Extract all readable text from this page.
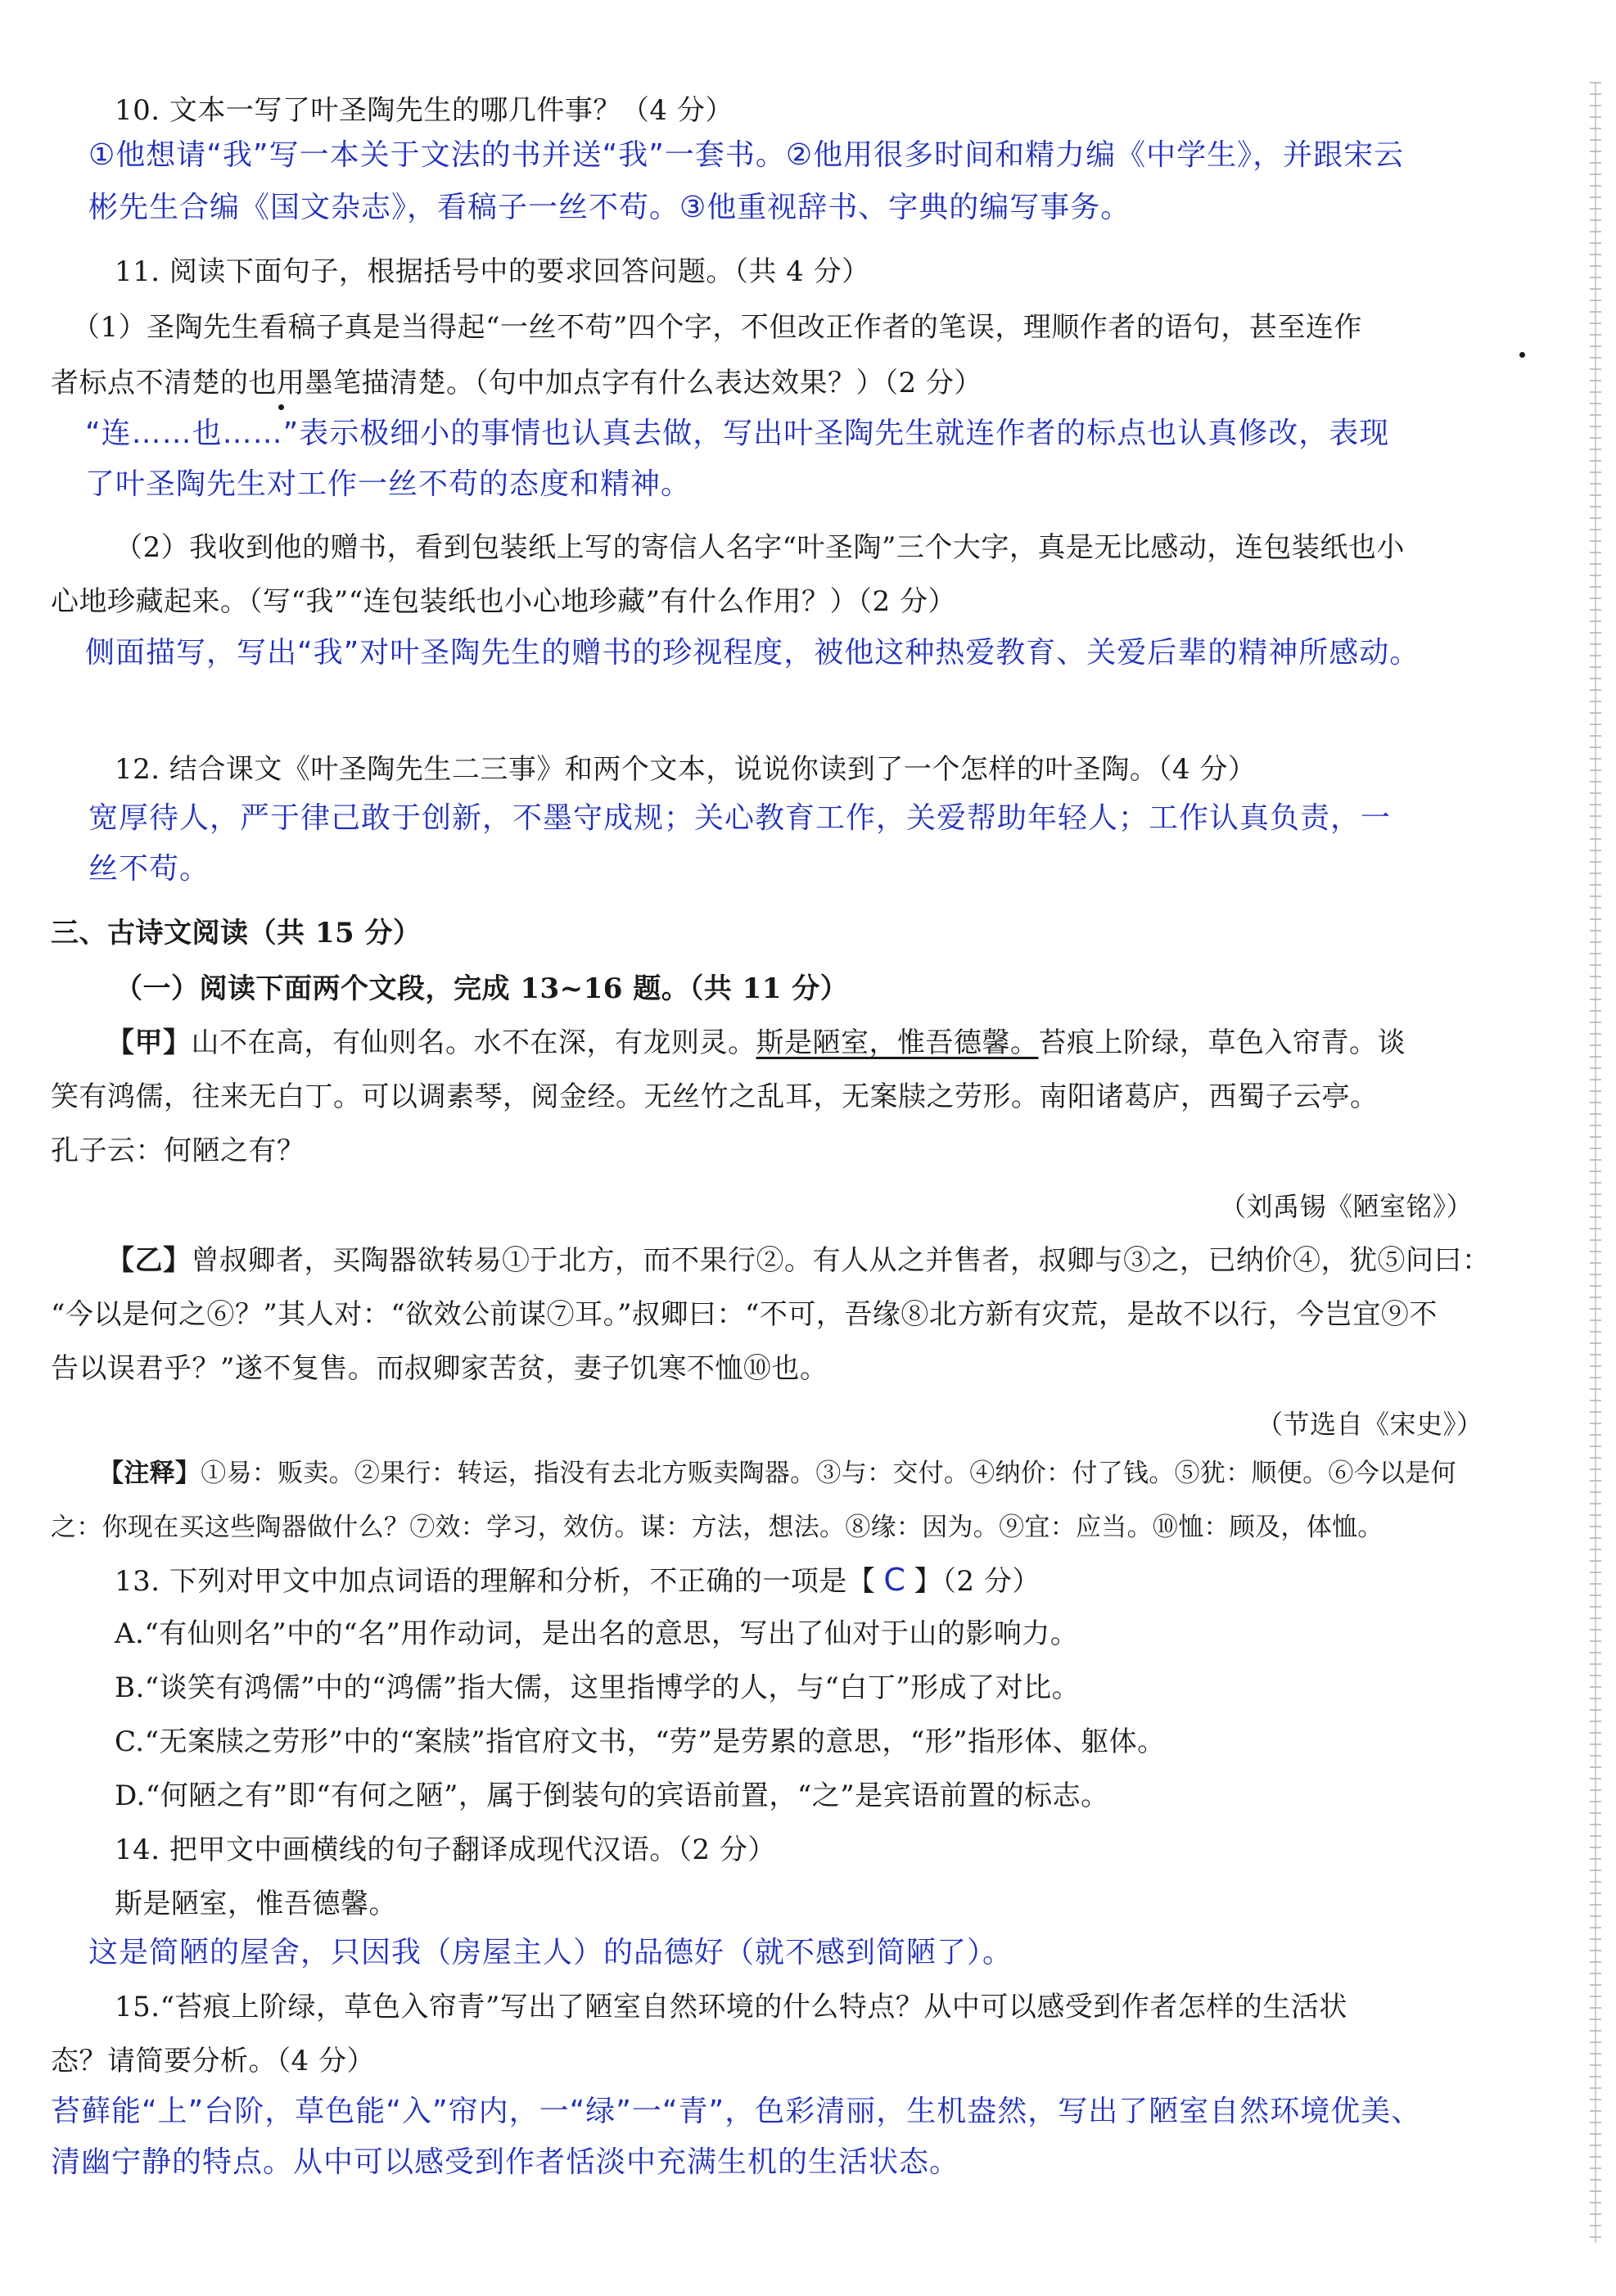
10. 文本一写了叶圣陶先生的哪几件事？（4 分）
①他想请“我”写一本关于文法的书并送“我”一套书。②他用很多时间和精力编《中学生》，并跟宋云
彬先生合编《国文杂志》，看稿子一丝不苟。③他重视辞书、字典的编写事务。
11. 阅读下面句子，根据括号中的要求回答问题。（共 4 分）
（1）圣陶先生看稿子真是当得起“一丝不苟”四个字，不但改正作者的笔误，理顺作者的语句，甚至连作
者标点不清楚的也用墨笔描清楚。（句中加点字有什么表达效果？）（2 分）
“连……也……”表示极细小的事情也认真去做，写出叶圣陶先生就连作者的标点也认真修改，表现
了叶圣陶先生对工作一丝不苟的态度和精神。
（2）我收到他的赠书，看到包装纸上写的寄信人名字“叶圣陶”三个大字，真是无比感动，连包装纸也小
心地珍藏起来。（写“我”“连包装纸也小心地珍藏”有什么作用？）（2 分）
侧面描写，写出“我”对叶圣陶先生的赠书的珍视程度，被他这种热爱教育、关爱后辈的精神所感动。
12. 结合课文《叶圣陶先生二三事》和两个文本，说说你读到了一个怎样的叶圣陶。（4 分）
宽厚待人，严于律己敢于创新，不墨守成规；关心教育工作，关爱帮助年轻人；工作认真负责，一
丝不苟。
三、古诗文阅读（共 15 分）
（一）阅读下面两个文段，完成 13~16 题。（共 11 分）
【甲】山不在高，有仙则名。水不在深，有龙则灵。斯是陋室，惟吾德馨。苔痕上阶绿，草色入帘青。谈
笑有鸿儒，往来无白丁。可以调素琴，阅金经。无丝竹之乱耳，无案牍之劳形。南阳诸葛庐，西蜀子云亭。
孔子云：何陋之有？
（刘禹锡《陋室铭》）
【乙】曾叔卿者，买陶器欲转易①于北方，而不果行②。有人从之并售者，叔卿与③之，已纳价④，犹⑤问曰：
“今以是何之⑥？”其人对：“欲效公前谋⑦耳。”叔卿曰：“不可，吾缘⑧北方新有灾荒，是故不以行，今岂宜⑨不
告以误君乎？”遂不复售。而叔卿家苦贫，妻子饥寒不恤⑩也。
（节选自《宋史》）
【注释】①易：贩卖。②果行：转运，指没有去北方贩卖陶器。③与：交付。④纳价：付了钱。⑤犹：顺便。⑥今以是何
之：你现在买这些陶器做什么？⑦效：学习，效仿。谋：方法，想法。⑧缘：因为。⑨宜：应当。⑩恤：顾及，体恤。
13. 下列对甲文中加点词语的理解和分析，不正确的一项是【 C 】（2 分）
A.“有仙则名”中的“名”用作动词，是出名的意思，写出了仙对于山的影响力。
B.“谈笑有鸿儒”中的“鸿儒”指大儒，这里指博学的人，与“白丁”形成了对比。
C.“无案牍之劳形”中的“案牍”指官府文书，“劳”是劳累的意思，“形”指形体、躯体。
D.“何陋之有”即“有何之陋”，属于倒装句的宾语前置，“之”是宾语前置的标志。
14. 把甲文中画横线的句子翻译成现代汉语。（2 分）
斯是陋室，惟吾德馨。
这是简陋的屋舍，只因我（房屋主人）的品德好（就不感到简陋了）。
15.“苔痕上阶绿，草色入帘青”写出了陋室自然环境的什么特点？从中可以感受到作者怎样的生活状
态？请简要分析。（4 分）
苔藓能“上”台阶，草色能“入”帘内，一“绿”一“青”，色彩清丽，生机盎然，写出了陋室自然环境优美、
清幽宁静的特点。从中可以感受到作者恬淡中充满生机的生活状态。
